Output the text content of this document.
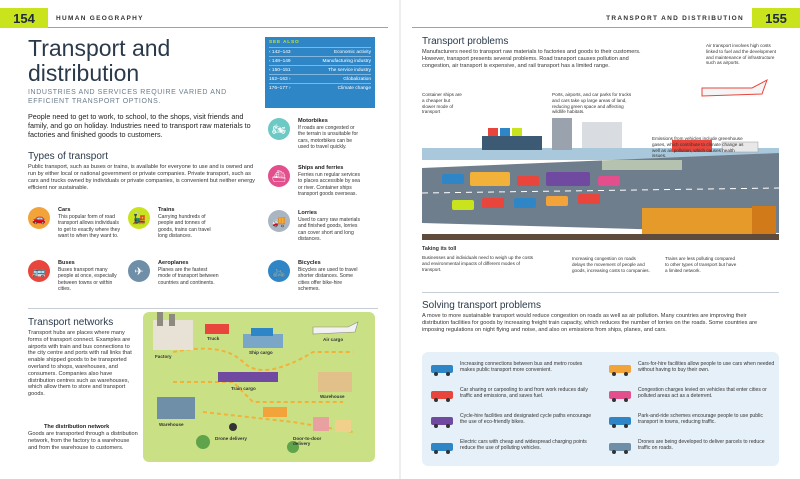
154	HUMAN GEOGRAPHY
Transport and distribution
INDUSTRIES AND SERVICES REQUIRE VARIED AND EFFICIENT TRANSPORT OPTIONS.
People need to get to work, to school, to the shops, visit friends and family, and go on holiday. Industries need to transport raw materials to factories and finished goods to customers.
SEE ALSO
‹ 142–143	Economic activity
‹ 148–149	Manufacturing industry
‹ 150–151	The service industry
162–163 ›	Globalization
176–177 ›	Climate change
Types of transport
Public transport, such as buses or trains, is available for everyone to use and is owned and run by either local or national government or private companies. Private transport, such as cars and trucks owned by individuals or private companies, is convenient but neither energy efficient nor sustainable.
🚗
Cars
This popular form of road transport allows individuals to get to exactly where they want to when they want to.
🚂
Trains
Carrying hundreds of people and tonnes of goods, trains can travel long distances.
🚌
Buses
Buses transport many people at once, especially between towns or within cities.
✈
Aeroplanes
Planes are the fastest mode of transport between countries and continents.
🏍
Motorbikes
If roads are congested or the terrain is unsuitable for cars, motorbikes can be used to travel quickly.
⛴
Ships and ferries
Ferries run regular services to places accessible by sea or river. Container ships transport goods overseas.
🚚
Lorries
Used to carry raw materials and finished goods, lorries can cover short and long distances.
🚲
Bicycles
Bicycles are used to travel shorter distances. Some cities offer bike-hire schemes.
Transport networks
Transport hubs are places where many forms of transport connect. Examples are airports with train and bus connections to the city centre and ports with rail links that enable shipped goods to be transported overland to shops, warehouses, and consumers. Companies also have distribution centres such as warehouses, which allow them to store and transport goods.
The distribution network
Goods are transported through a distribution network, from the factory to a warehouse and from the warehouse to customers.
Factory
Truck
Ship cargo
Air cargo
Train cargo
Warehouse
Warehouse
Drone delivery	Door-to-door delivery
155
TRANSPORT AND DISTRIBUTION
Transport problems
Manufacturers need to transport raw materials to factories and goods to their customers. However, transport presents several problems. Road transport causes pollution and congestion, air transport is expensive, and rail transport has a limited range.
Container ships are a cheaper but slower mode of transport
Ports, airports, and car parks for trucks and cars take up large areas of land, reducing green space and affecting wildlife habitats.
Air transport involves high costs linked to fuel and the development and maintenance of infrastructure such as airports.
Emissions from vehicles include greenhouse gases, which contribute to climate change as well as air pollution, which causes health issues.
Taking its toll
Businesses and individuals need to weigh up the costs and environmental impacts of different modes of transport.
Increasing congestion on roads delays the movement of people and goods, increasing costs to companies.
Trains are less polluting compared to other types of transport but have a limited network.
Solving transport problems
A move to more sustainable transport would reduce congestion on roads as well as air pollution. Many countries are improving their distribution facilities for goods by increasing freight train capacity, which reduces the number of lorries on the roads. Some countries are imposing regulations on night flying and noise, and also on emissions from ships, planes, and cars.
Increasing connections between bus and metro routes makes public transport more convenient.
Car sharing or carpooling to and from work reduces daily traffic and emissions, and saves fuel.
Cycle-hire facilities and designated cycle paths encourage the use of eco-friendly bikes.
Electric cars with cheap and widespread charging points reduce the use of polluting vehicles.
Cars-for-hire facilities allow people to use cars when needed without having to buy their own.
Congestion charges levied on vehicles that enter cities or polluted areas act as a deterrent.
Park-and-ride schemes encourage people to use public transport in towns, reducing traffic.
Drones are being developed to deliver parcels to reduce traffic on roads.
